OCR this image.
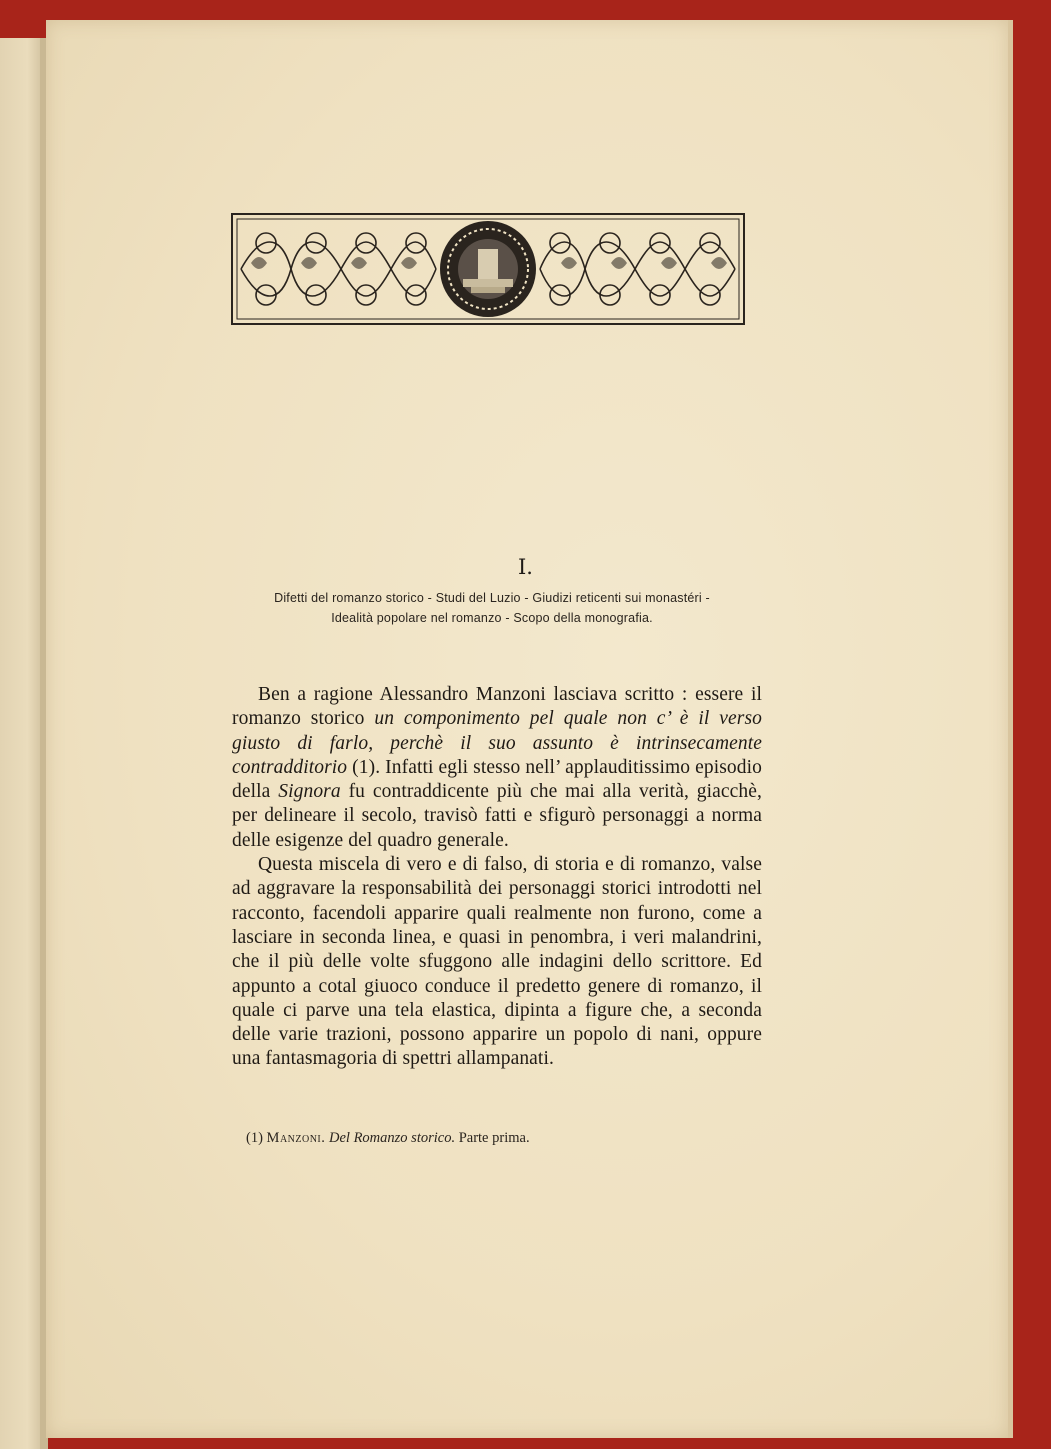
I.
Difetti del romanzo storico - Studi del Luzio - Giudizi reticenti sui monastéri -
Idealità popolare nel romanzo - Scopo della monografia.

Ben a ragione Alessandro Manzoni lasciava scritto : essere il romanzo storico un componimento pel quale non c’ è il verso giusto di farlo, perchè il suo assunto è intrinsecamente contradditorio (1). Infatti egli stesso nell’ applauditissimo episodio della Signora fu contraddicente più che mai alla verità, giacchè, per delineare il secolo, travisò fatti e sfigurò personaggi a norma delle esigenze del quadro generale.

Questa miscela di vero e di falso, di storia e di romanzo, valse ad aggravare la responsabilità dei personaggi storici introdotti nel racconto, facendoli apparire quali realmente non furono, come a lasciare in seconda linea, e quasi in penombra, i veri malandrini, che il più delle volte sfuggono alle indagini dello scrittore. Ed appunto a cotal giuoco conduce il predetto genere di romanzo, il quale ci parve una tela elastica, dipinta a figure che, a seconda delle varie trazioni, possono apparire un popolo di nani, oppure una fantasmagoria di spettri allampanati.

(1) Manzoni. Del Romanzo storico. Parte prima.
